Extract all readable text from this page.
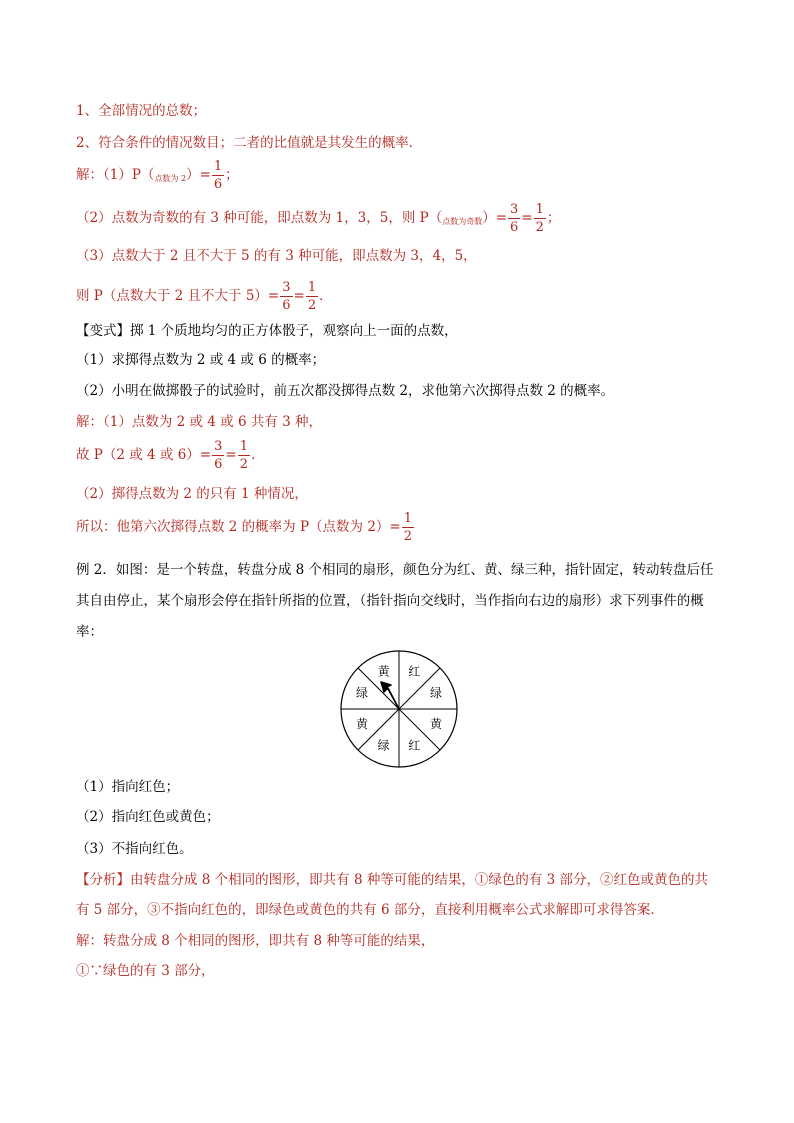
1、全部情况的总数；
2、符合条件的情况数目；二者的比值就是其发生的概率．
解：$(1)P(_{点数为 2})= \frac{1}{6}$ ；
（2）点数为奇数的有 3 种可能，即点数为 1，3，5，则 $P(_{点数为奇数})= \frac{3}{6} = \frac{1}{2}$ ；
（3）点数大于 2 且不大于 5 的有 3 种可能，即点数为 3，4，5，
则 P（点数大于 2 且不大于 $5)= \frac{3}{6} = \frac{1}{2}$ ．
【变式】掷 1 个质地均匀的正方体骰子，观察向上一面的点数，
（1）求掷得点数为 2 或 4 或 6 的概率；
（2）小明在做掷骰子的试验时，前五次都没掷得点数 2，求他第六次掷得点数 2 的概率。
解：（1）点数为 2 或 4 或 6 共有 3 种，
故 P（2 或 4 或 $6)= \frac{3}{6} = \frac{1}{2}$ .
（2）掷得点数为 2 的只有 1 种情况，
所以：他第六次掷得点数 2 的概率为 P（点数为 $2)= \frac{1}{2}$
例 2．如图：是一个转盘，转盘分成 8 个相同的扇形，颜色分为红、黄、绿三种，指针固定，转动转盘后任
其自由停止，某个扇形会停在指针所指的位置，（指针指向交线时，当作指向右边的扇形）求下列事件的概
率：
红
绿
黄
红
绿
黄
绿
黄
（1）指向红色；
（2）指向红色或黄色；
（3）不指向红色。
【分析】由转盘分成 8 个相同的图形，即共有 8 种等可能的结果，①绿色的有 3 部分，②红色或黄色的共
有 5 部分，③不指向红色的，即绿色或黄色的共有 6 部分，直接利用概率公式求解即可求得答案．
解：转盘分成 8 个相同的图形，即共有 8 种等可能的结果，
①∵绿色的有 3 部分，
